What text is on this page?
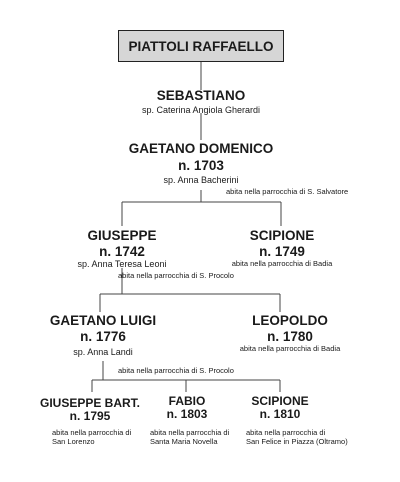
PIATTOLI RAFFAELLO
SEBASTIANO
sp. Caterina Angiola Gherardi
GAETANO DOMENICO
n. 1703
sp. Anna Bacherini
abita nella parrocchia di S. Salvatore
GIUSEPPE
n. 1742
sp. Anna Teresa Leoni
abita nella parrocchia di S. Procolo
SCIPIONE
n. 1749
abita nella parrocchia di Badia
GAETANO LUIGI
n. 1776
sp. Anna Landi
abita nella parrocchia di S. Procolo
LEOPOLDO
n. 1780
abita nella parrocchia di Badia
GIUSEPPE BART.
n. 1795
abita nella parrocchia di
San Lorenzo
FABIO
n. 1803
abita nella parrocchia di
Santa Maria Novella
SCIPIONE
n. 1810
abita nella parrocchia di
San Felice in Piazza (Oltramo)
